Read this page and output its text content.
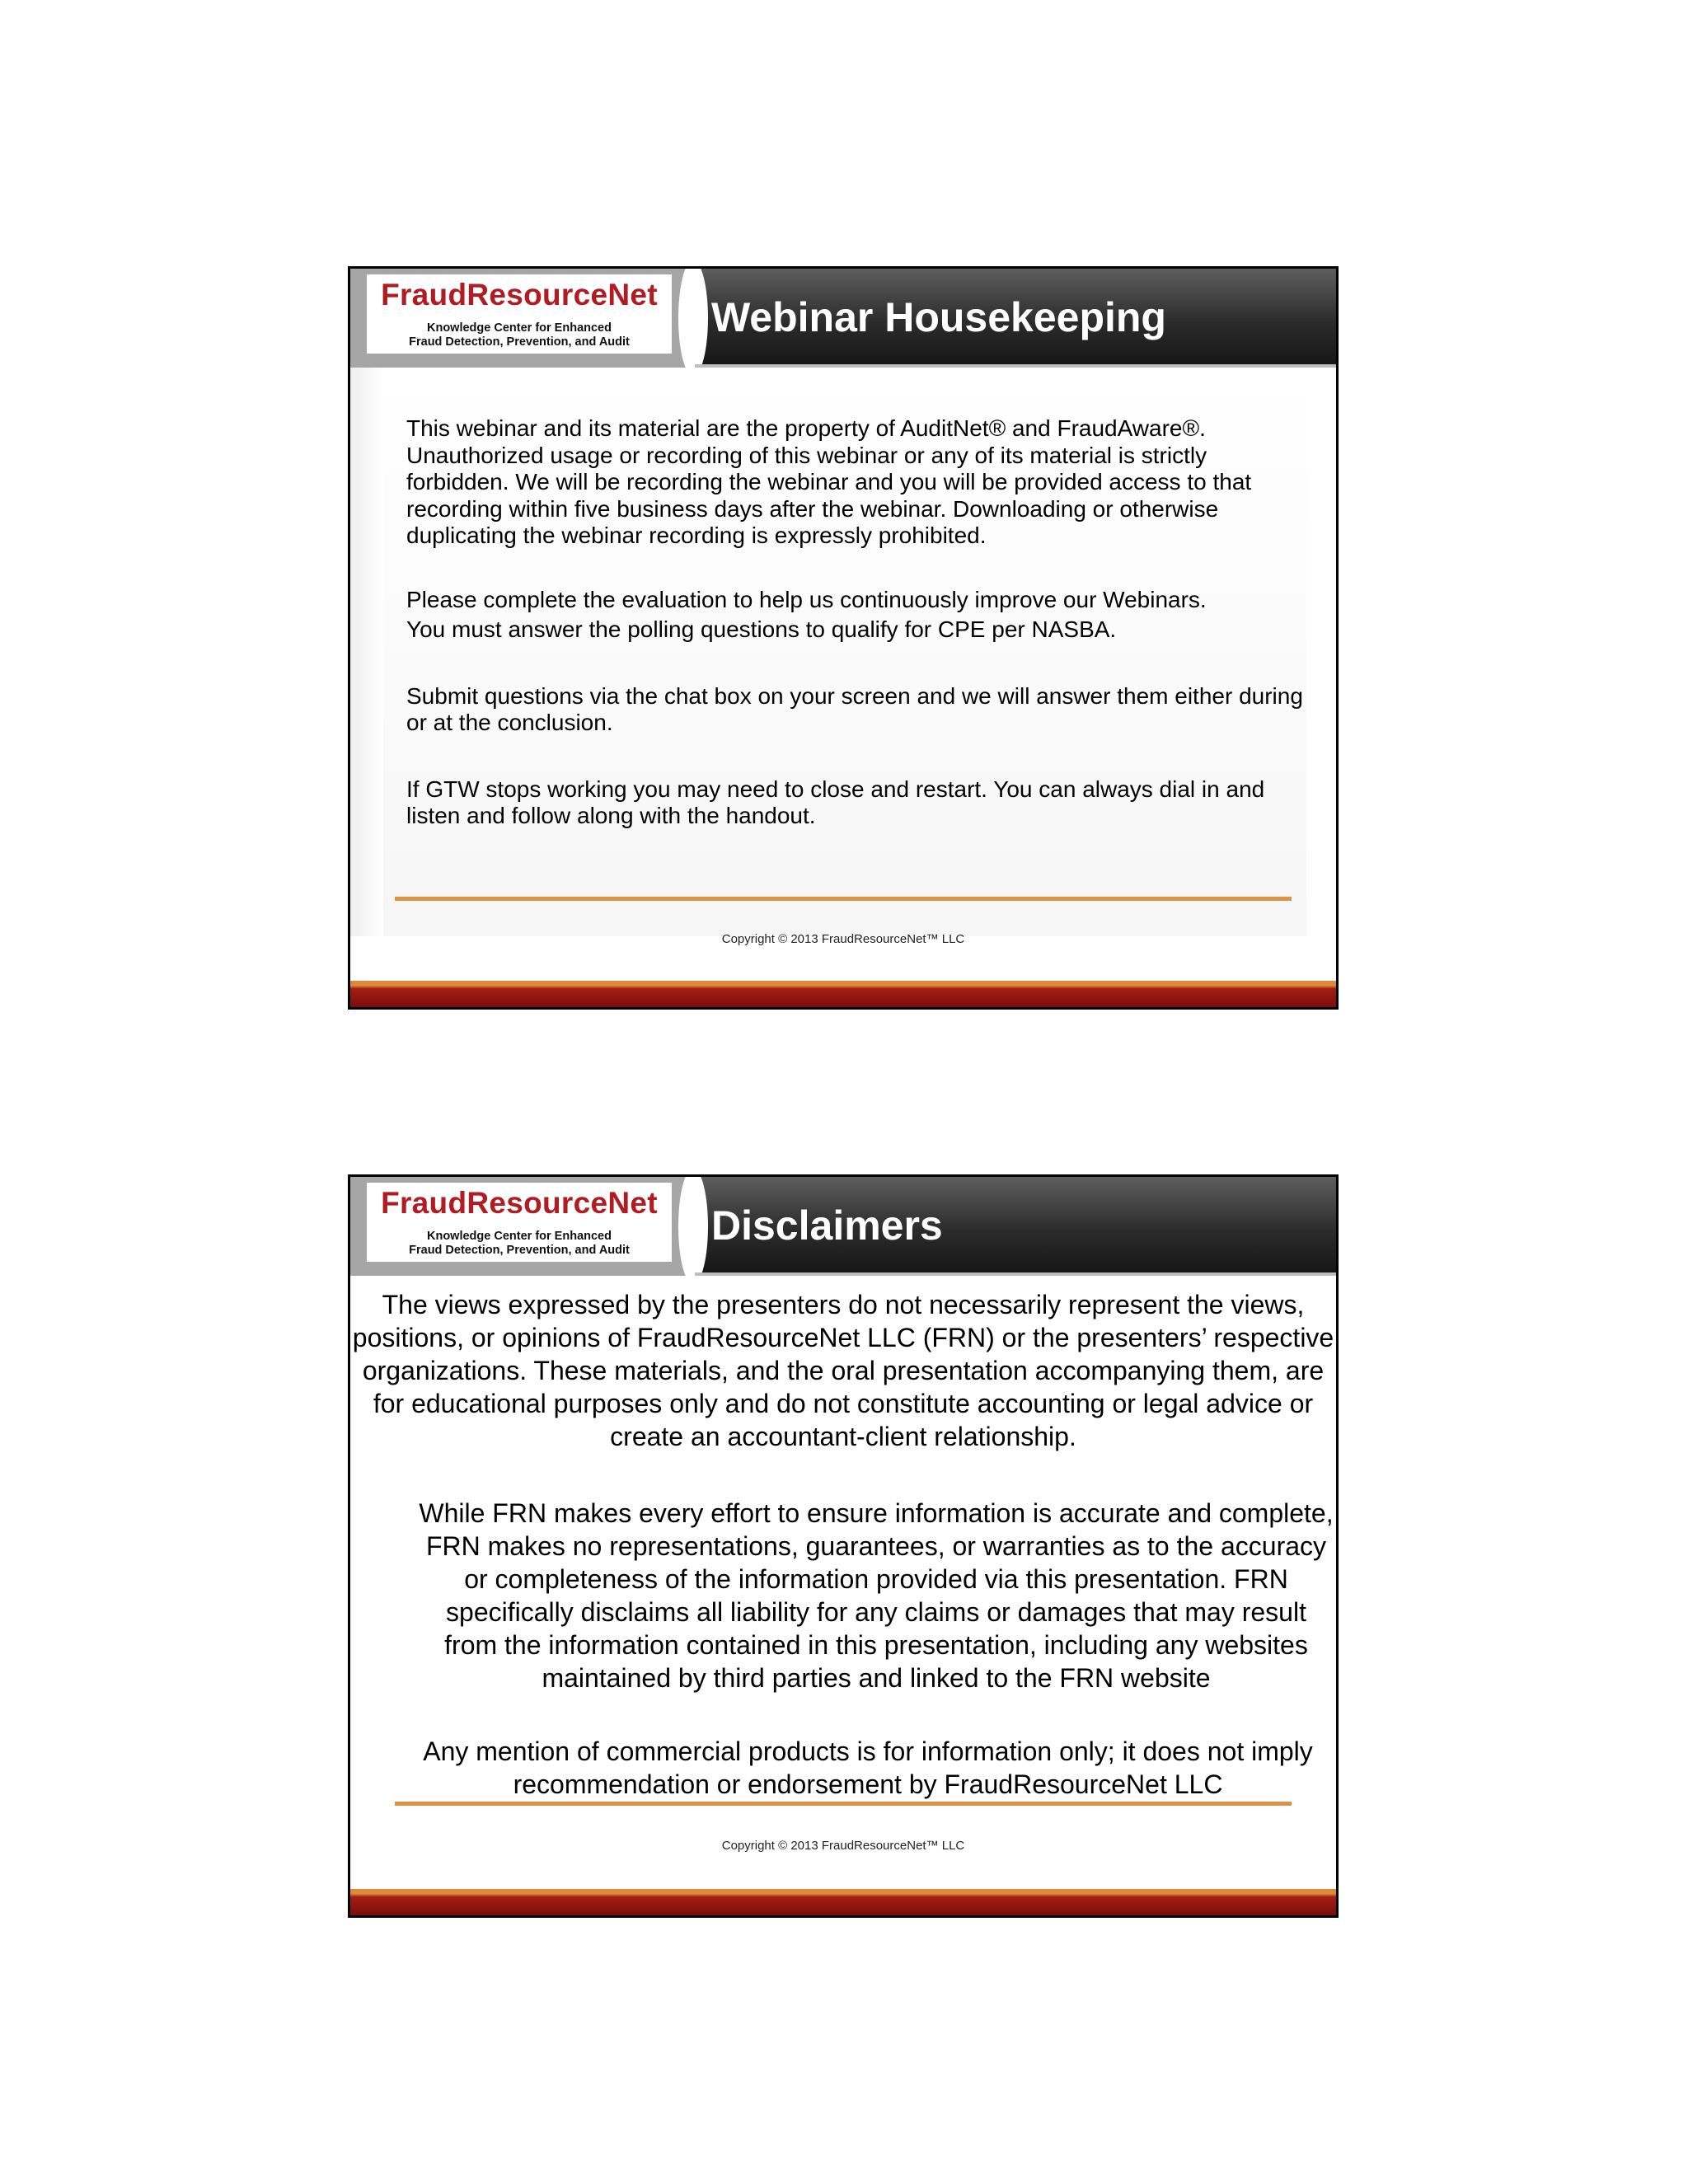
FraudResourceNet
Knowledge Center for Enhanced
Fraud Detection, Prevention, and Audit
Webinar Housekeeping

This webinar and its material are the property of AuditNet® and FraudAware®. Unauthorized usage or recording of this webinar or any of its material is strictly forbidden. We will be recording the webinar and you will be provided access to that recording within five business days after the webinar. Downloading or otherwise duplicating the webinar recording is expressly prohibited.

Please complete the evaluation to help us continuously improve our Webinars.
You must answer the polling questions to qualify for CPE per NASBA.

Submit questions via the chat box on your screen and we will answer them either during or at the conclusion.

If GTW stops working you may need to close and restart. You can always dial in and listen and follow along with the handout.

Copyright © 2013 FraudResourceNet™ LLC
FraudResourceNet
Knowledge Center for Enhanced
Fraud Detection, Prevention, and Audit
Disclaimers
The views expressed by the presenters do not necessarily represent the views, positions, or opinions of FraudResourceNet LLC (FRN) or the presenters’ respective organizations. These materials, and the oral presentation accompanying them, are for educational purposes only and do not constitute accounting or legal advice or create an accountant-client relationship.
While FRN makes every effort to ensure information is accurate and complete, FRN makes no representations, guarantees, or warranties as to the accuracy or completeness of the information provided via this presentation. FRN specifically disclaims all liability for any claims or damages that may result from the information contained in this presentation, including any websites maintained by third parties and linked to the FRN website
Any mention of commercial products is for information only; it does not imply recommendation or endorsement by FraudResourceNet LLC
Copyright © 2013 FraudResourceNet™ LLC
